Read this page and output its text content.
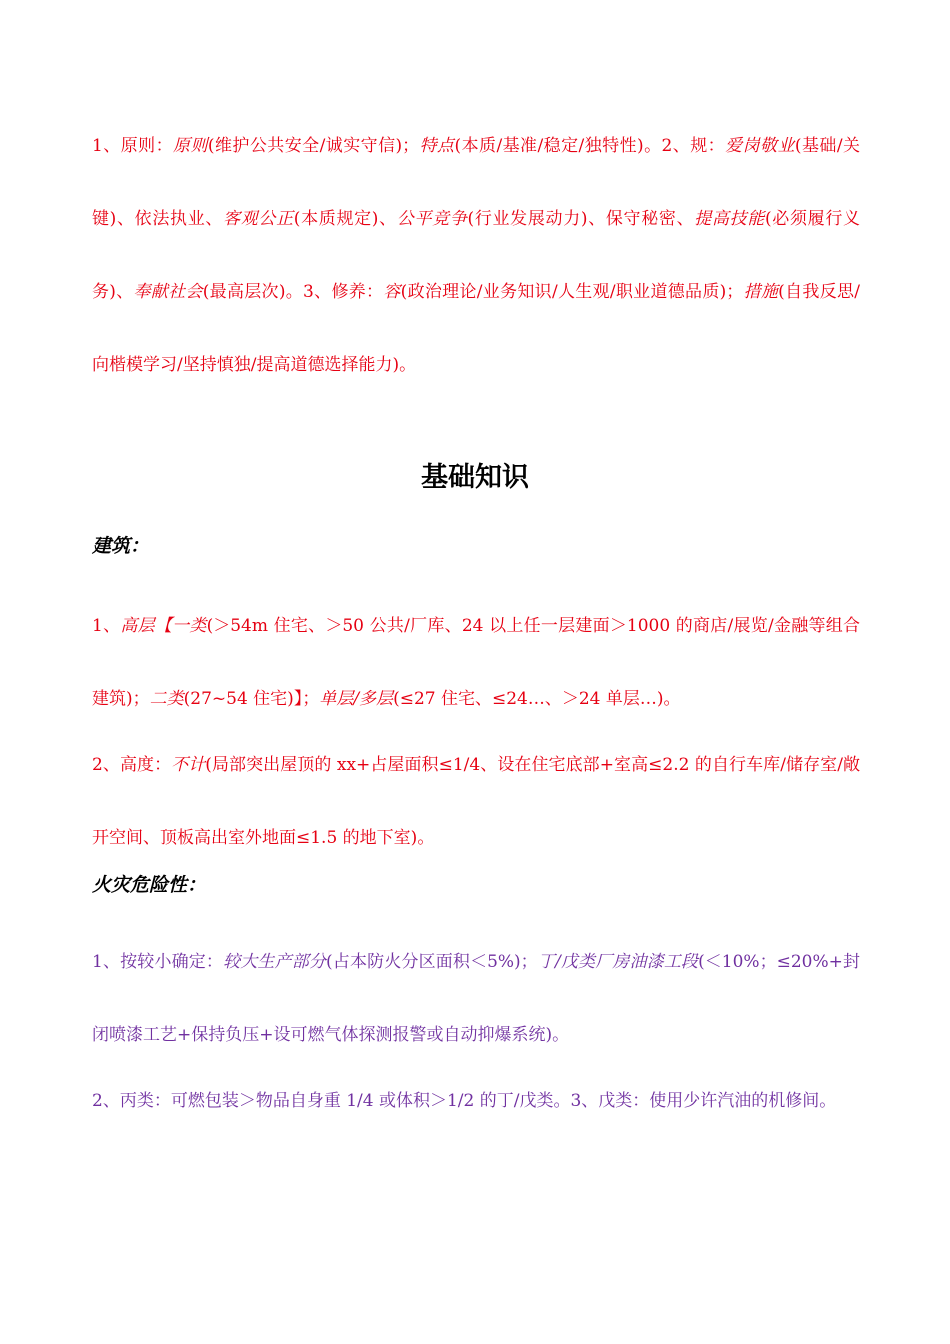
1、原则：原则(维护公共安全/诚实守信)；特点(本质/基准/稳定/独特性)。2、规：爱岗敬业(基础/关键)、依法执业、客观公正(本质规定)、公平竞争(行业发展动力)、保守秘密、提高技能(必须履行义务)、奉献社会(最高层次)。3、修养：容(政治理论/业务知识/人生观/职业道德品质)；措施(自我反思/向楷模学习/坚持慎独/提高道德选择能力)。

基础知识
建筑：

1、高层【一类(＞54m 住宅、＞50 公共/厂库、24 以上任一层建面＞1000 的商店/展览/金融等组合建筑)；二类(27~54 住宅)】；单层/多层(≤27 住宅、≤24…、＞24 单层…)。

2、高度：不计(局部突出屋顶的 xx+占屋面积≤1/4、设在住宅底部+室高≤2.2 的自行车库/储存室/敞开空间、顶板高出室外地面≤1.5 的地下室)。

火灾危险性：

1、按较小确定：较大生产部分(占本防火分区面积＜5%)；丁/戊类厂房油漆工段(＜10%；≤20%+封闭喷漆工艺+保持负压+设可燃气体探测报警或自动抑爆系统)。

2、丙类：可燃包装＞物品自身重 1/4 或体积＞1/2 的丁/戊类。3、戊类：使用少许汽油的机修间。
